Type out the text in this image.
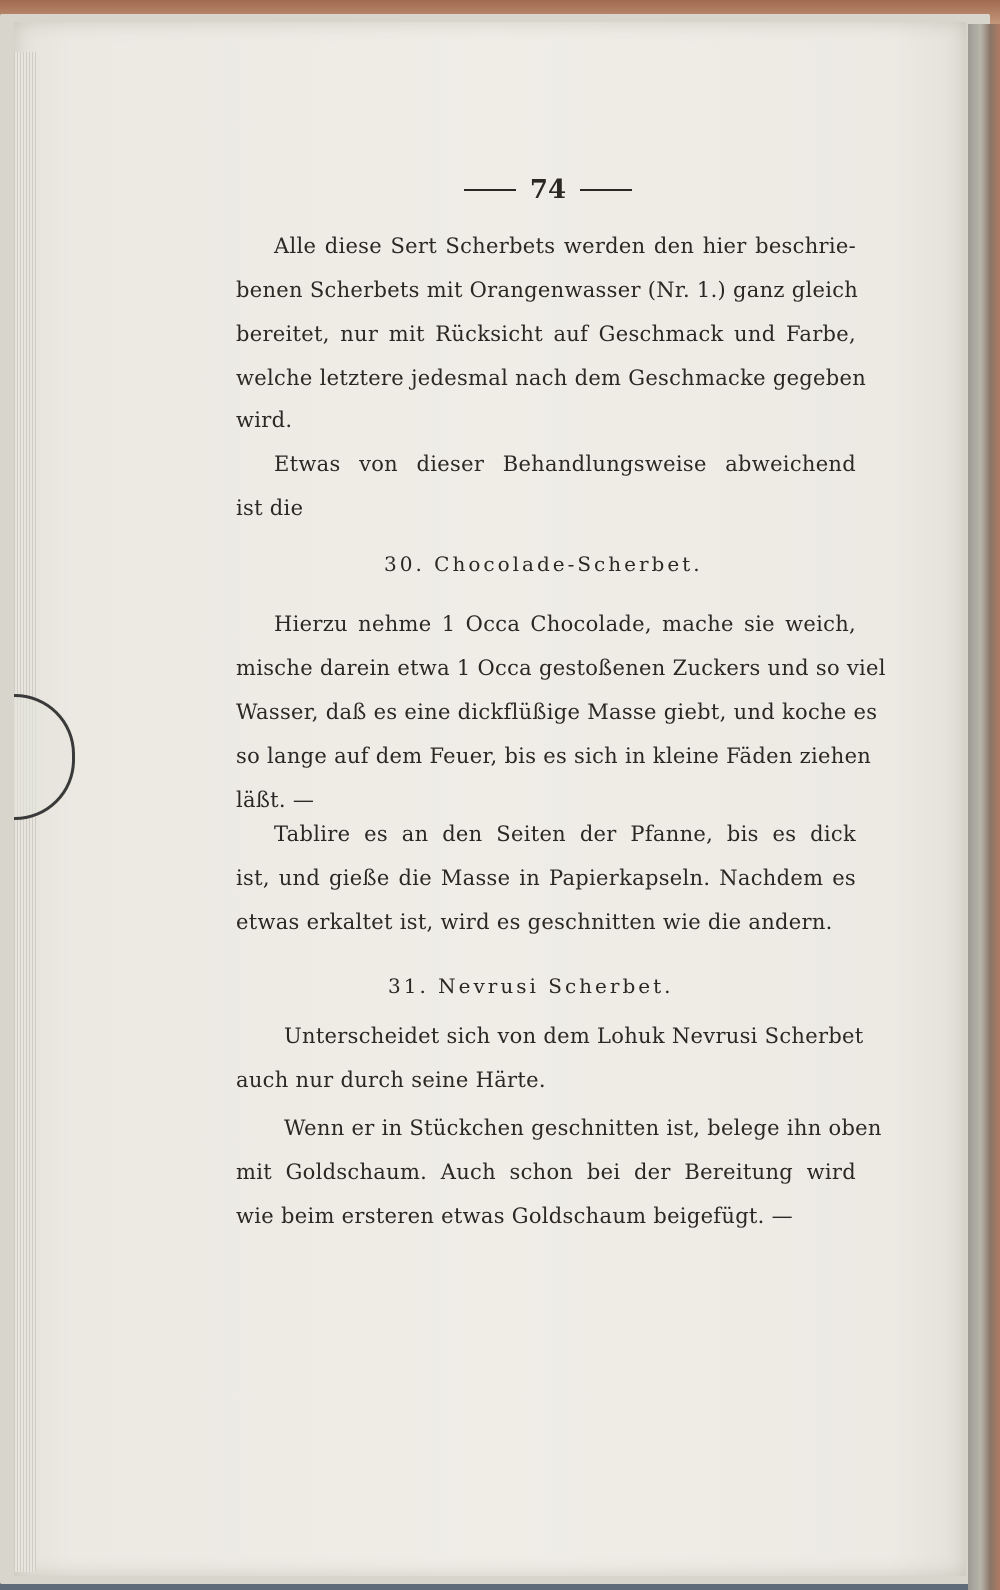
74
Alle diese Sert Scherbets werden den hier beschrie-
benen Scherbets mit Orangenwasser (Nr. 1.) ganz gleich
bereitet, nur mit Rücksicht auf Geschmack und Farbe,
welche letztere jedesmal nach dem Geschmacke gegeben
wird.
Etwas von dieser Behandlungsweise abweichend
ist die
30. Chocolade-Scherbet.
Hierzu nehme 1 Occa Chocolade, mache sie weich,
mische darein etwa 1 Occa gestoßenen Zuckers und so viel
Wasser, daß es eine dickflüßige Masse giebt, und koche es
so lange auf dem Feuer, bis es sich in kleine Fäden ziehen
läßt. —
Tablire es an den Seiten der Pfanne, bis es dick
ist, und gieße die Masse in Papierkapseln. Nachdem es
etwas erkaltet ist, wird es geschnitten wie die andern.
31. Nevrusi Scherbet.
Unterscheidet sich von dem Lohuk Nevrusi Scherbet
auch nur durch seine Härte.
Wenn er in Stückchen geschnitten ist, belege ihn oben
mit Goldschaum. Auch schon bei der Bereitung wird
wie beim ersteren etwas Goldschaum beigefügt. —
